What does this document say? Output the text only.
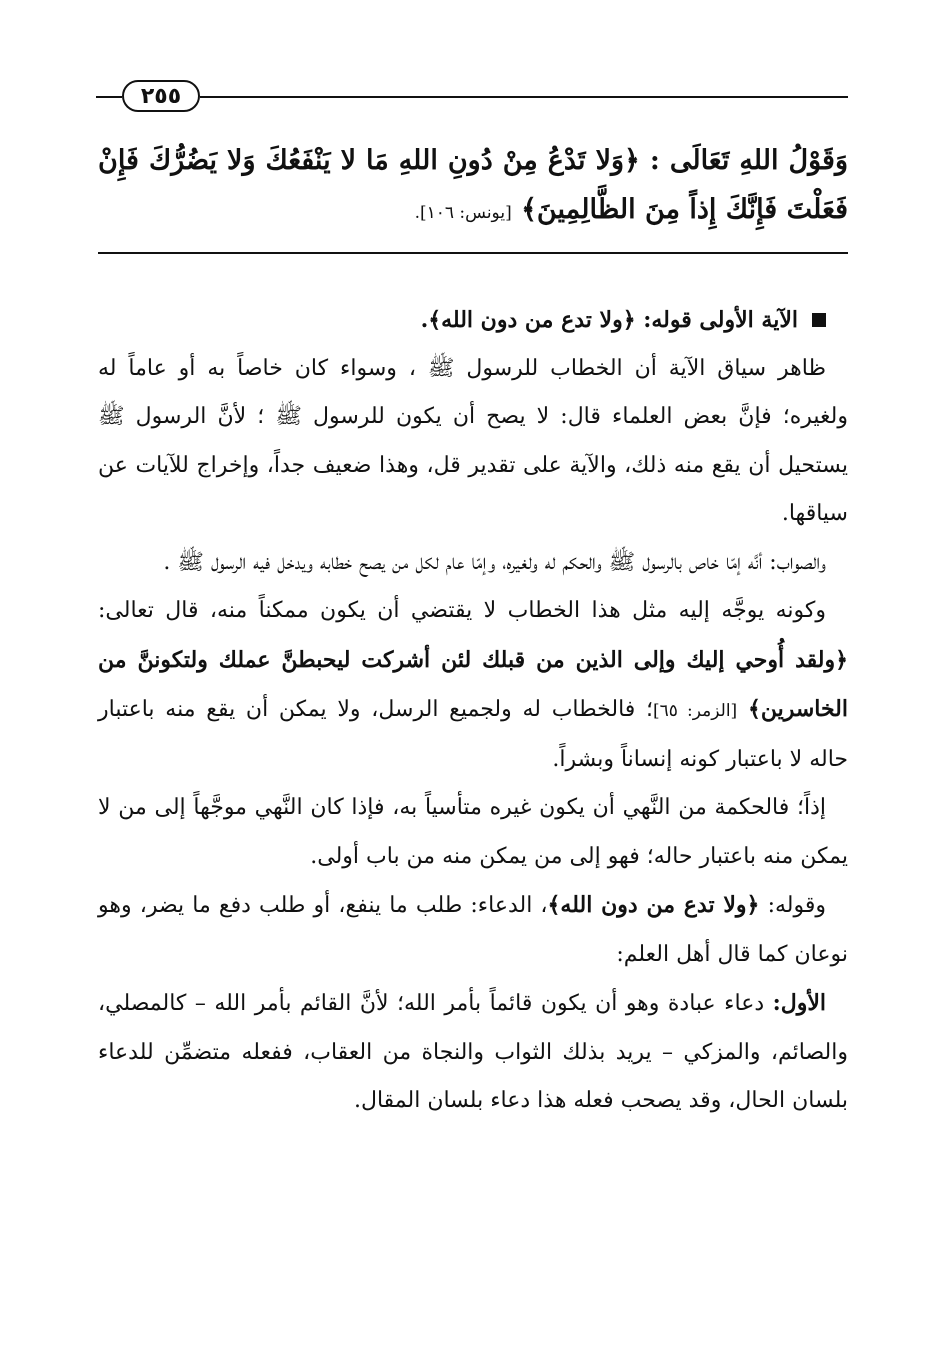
٢٥٥
وَقَوْلُ اللهِ تَعَالَى : ﴿وَلا تَدْعُ مِنْ دُونِ اللهِ مَا لا يَنْفَعُكَ وَلا يَضُرُّكَ فَإِنْ فَعَلْتَ فَإِنَّكَ إِذاً مِنَ الظَّالِمِينَ﴾ [يونس: ١٠٦].

الآية الأولى قوله: ﴿ولا تدع من دون الله﴾.

ظاهر سياق الآية أن الخطاب للرسول ﷺ ، وسواء كان خاصاً به أو عاماً له ولغيره؛ فإنَّ بعض العلماء قال: لا يصح أن يكون للرسول ﷺ ؛ لأنَّ الرسول ﷺ يستحيل أن يقع منه ذلك، والآية على تقدير قل، وهذا ضعيف جداً، وإخراج للآيات عن سياقها.

والصواب: أنَّه إمّا خاص بالرسول ﷺ والحكم له ولغيره، وإمّا عام لكل من يصح خطابه ويدخل فيه الرسول ﷺ .

وكونه يوجَّه إليه مثل هذا الخطاب لا يقتضي أن يكون ممكناً منه، قال تعالى: ﴿ولقد أُوحي إليك وإلى الذين من قبلك لئن أشركت ليحبطنَّ عملك ولتكوننَّ من الخاسرين﴾ [الزمر: ٦٥]؛ فالخطاب له ولجميع الرسل، ولا يمكن أن يقع منه باعتبار حاله لا باعتبار كونه إنساناً وبشراً.

إذاً؛ فالحكمة من النَّهي أن يكون غيره متأسياً به، فإذا كان النَّهي موجَّهاً إلى من لا يمكن منه باعتبار حاله؛ فهو إلى من يمكن منه من باب أولى.

وقوله: ﴿ولا تدع من دون الله﴾، الدعاء: طلب ما ينفع، أو طلب دفع ما يضر، وهو نوعان كما قال أهل العلم:

الأول: دعاء عبادة وهو أن يكون قائماً بأمر الله؛ لأنَّ القائم بأمر الله – كالمصلي، والصائم، والمزكي – يريد بذلك الثواب والنجاة من العقاب، ففعله متضمِّن للدعاء بلسان الحال، وقد يصحب فعله هذا دعاء بلسان المقال.
